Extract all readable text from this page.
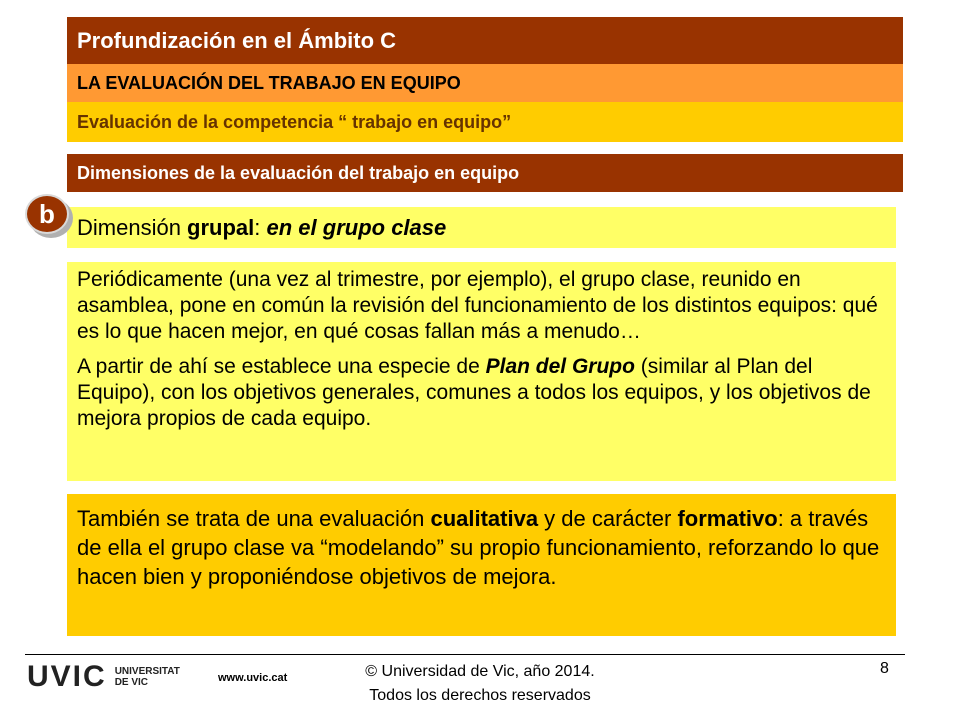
Profundización en el Ámbito C
LA EVALUACIÓN DEL TRABAJO EN EQUIPO
Evaluación de la competencia “ trabajo en equipo”
Dimensiones de la evaluación del trabajo en equipo
Dimensión grupal : en el grupo clase
b

Periódicamente (una vez al trimestre, por ejemplo), el grupo clase, reunido en asamblea, pone en común la revisión del funcionamiento de los distintos equipos: qué es lo que hacen mejor, en qué cosas fallan más a menudo…

A partir de ahí se establece una especie de Plan del Grupo (similar al Plan del Equipo), con los objetivos generales, comunes a todos los equipos, y los objetivos de mejora propios de cada equipo.

También se trata de una evaluación cualitativa y de carácter formativo: a través de ella el grupo clase va “modelando” su propio funcionamiento, reforzando lo que hacen bien y proponiéndose objetivos de mejora.
UVIC UNIVERSITAT
DE VIC	www.uvic.cat	© Universidad de Vic, año 2014.
Todos los derechos reservados
8
